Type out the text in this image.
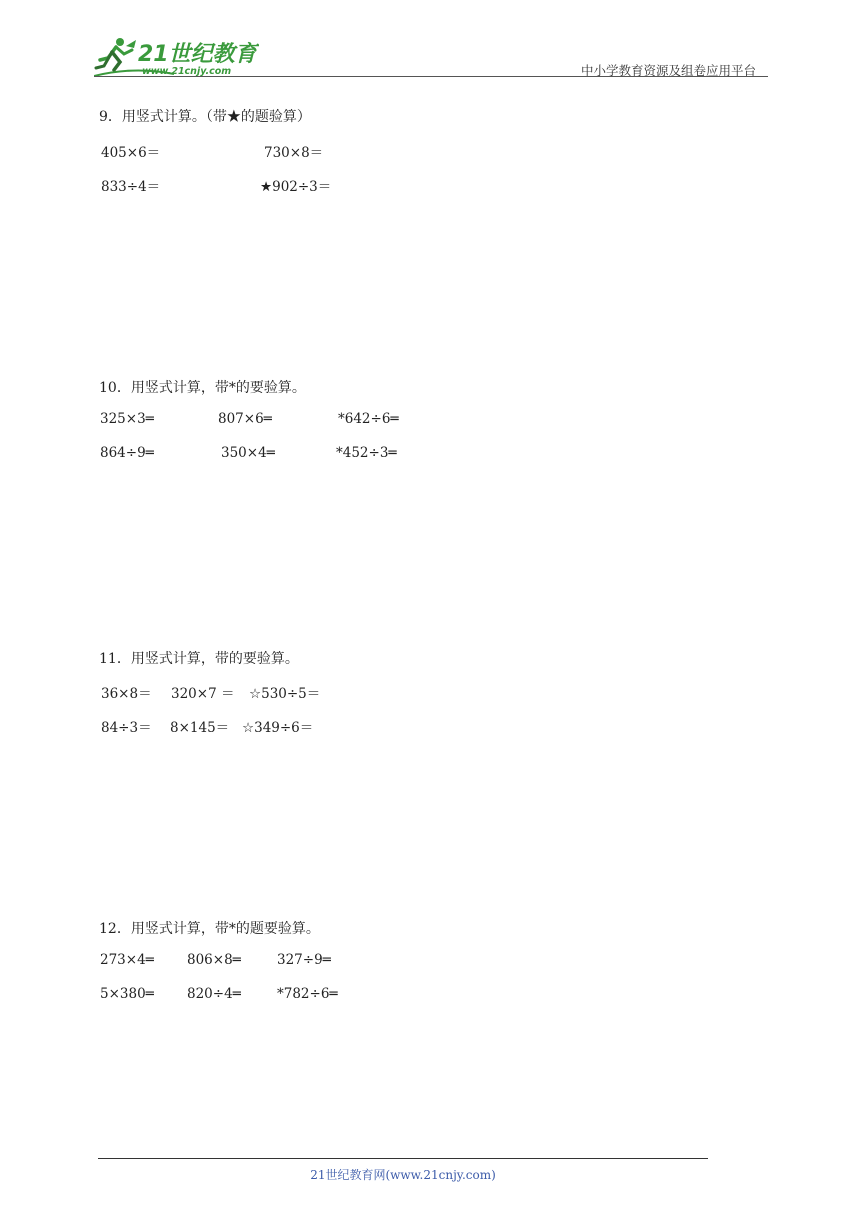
21世纪教育
www.21cnjy.com	中小学教育资源及组卷应用平台
9．用竖式计算。（带★的题验算）
405×6＝	730×8＝
833÷4＝	★902÷3＝
10．用竖式计算，带*的要验算。
325×3═	807×6═	*642÷6═
864÷9═	350×4═	*452÷3═
11．用竖式计算，带的要验算。
36×8＝ 320×7 ＝ ☆530÷5＝
84÷3＝ 8×145＝ ☆349÷6＝
12．用竖式计算，带*的题要验算。
273×4═ 806×8═	327÷9═
5×380═ 820÷4═	*782÷6═
21世纪教育网(www.21cnjy.com)
